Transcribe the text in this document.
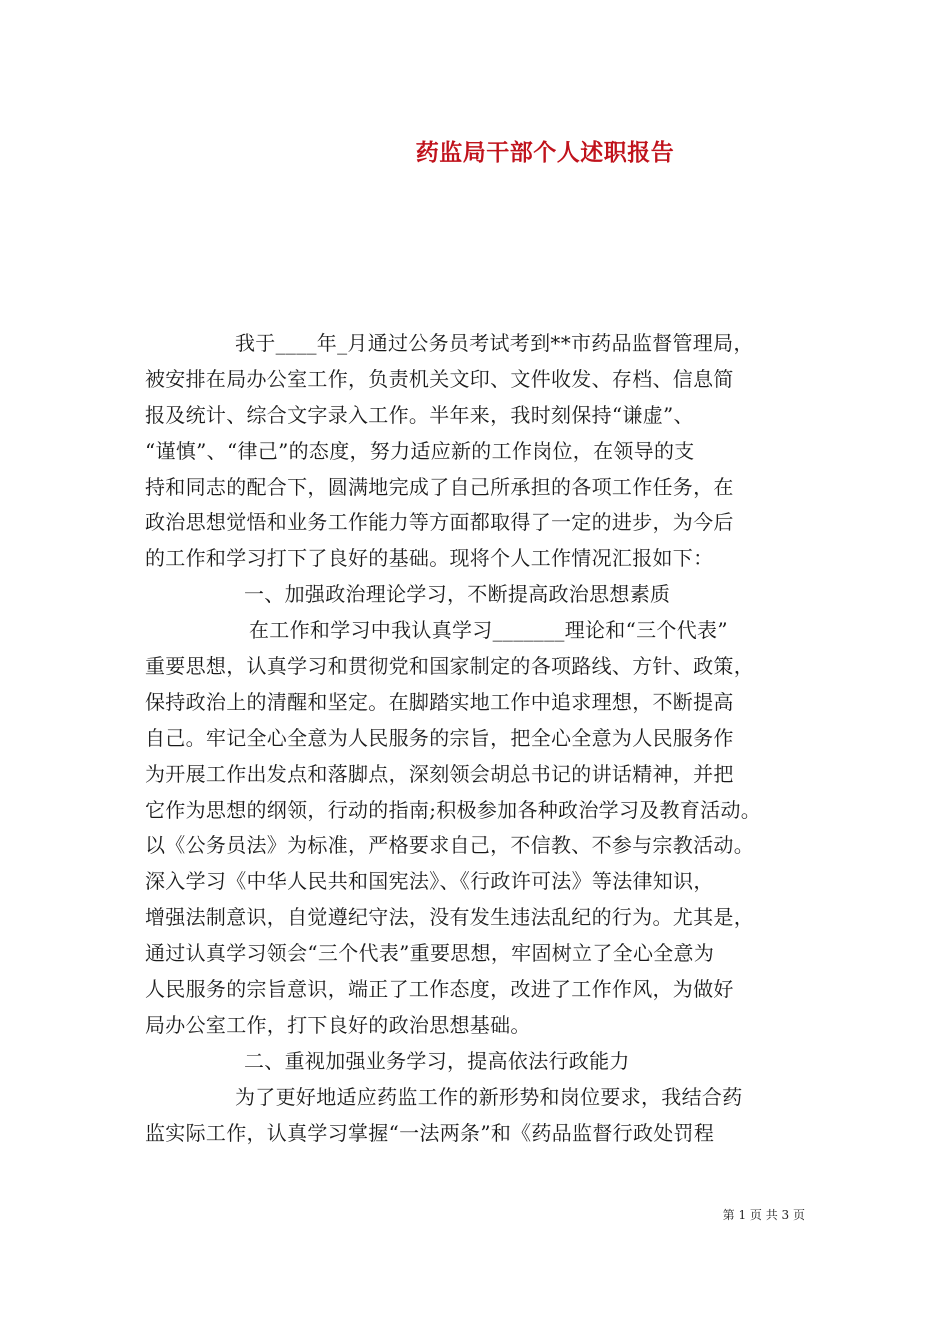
药监局干部个人述职报告
我于____年_月通过公务员考试考到**市药品监督管理局，
被安排在局办公室工作，负责机关文印、文件收发、存档、信息简
报及统计、综合文字录入工作。半年来，我时刻保持“谦虚”、
“谨慎”、“律己”的态度，努力适应新的工作岗位，在领导的支
持和同志的配合下，圆满地完成了自己所承担的各项工作任务，在
政治思想觉悟和业务工作能力等方面都取得了一定的进步，为今后
的工作和学习打下了良好的基础。现将个人工作情况汇报如下：
一、加强政治理论学习，不断提高政治思想素质
在工作和学习中我认真学习_______理论和“三个代表”
重要思想，认真学习和贯彻党和国家制定的各项路线、方针、政策，
保持政治上的清醒和坚定。在脚踏实地工作中追求理想，不断提高
自己。牢记全心全意为人民服务的宗旨，把全心全意为人民服务作
为开展工作出发点和落脚点，深刻领会胡总书记的讲话精神，并把
它作为思想的纲领，行动的指南;积极参加各种政治学习及教育活动。
以《公务员法》为标准，严格要求自己，不信教、不参与宗教活动。
深入学习《中华人民共和国宪法》、《行政许可法》等法律知识，
增强法制意识，自觉遵纪守法，没有发生违法乱纪的行为。尤其是，
通过认真学习领会“三个代表”重要思想，牢固树立了全心全意为
人民服务的宗旨意识，端正了工作态度，改进了工作作风，为做好
局办公室工作，打下良好的政治思想基础。
二、重视加强业务学习，提高依法行政能力
为了更好地适应药监工作的新形势和岗位要求，我结合药
监实际工作，认真学习掌握“一法两条”和《药品监督行政处罚程
第 1 页 共 3 页
